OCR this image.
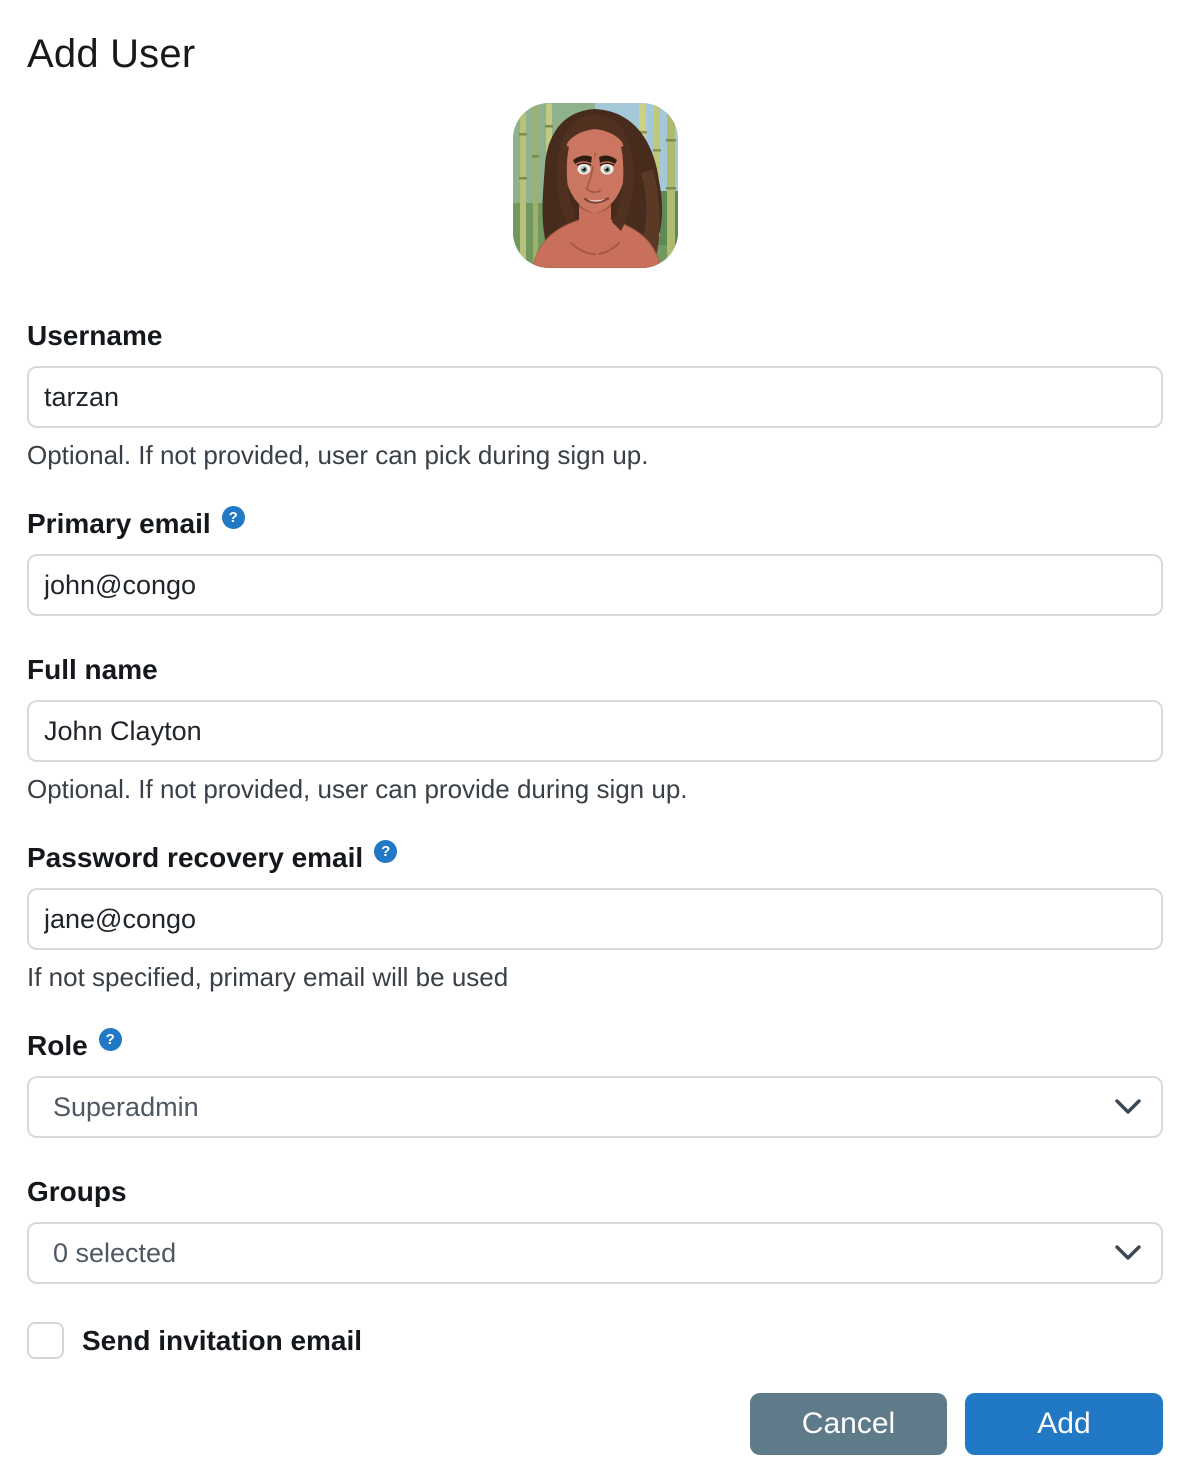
Add User
Username
tarzan
Optional. If not provided, user can pick during sign up.
Primary email	?
john@congo
Full name
John Clayton
Optional. If not provided, user can provide during sign up.
Password recovery email	?
jane@congo
If not specified, primary email will be used
Role	?
Superadmin
Groups
0 selected
Send invitation email
Cancel	Add
